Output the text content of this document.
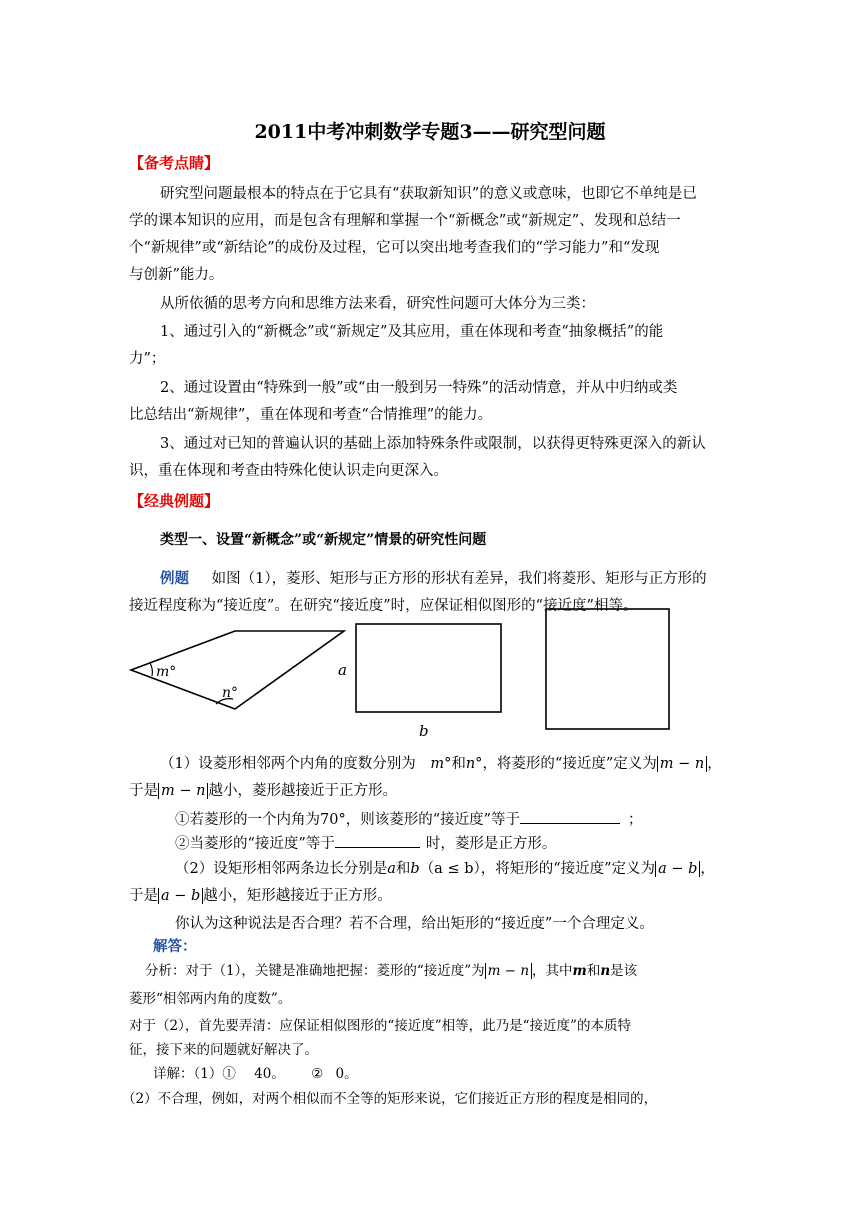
2011中考冲刺数学专题3——研究型问题
【备考点睛】
研究型问题最根本的特点在于它具有“获取新知识”的意义或意味，也即它不单纯是已
学的课本知识的应用，而是包含有理解和掌握一个“新概念”或“新规定”、发现和总结一
个“新规律”或“新结论”的成份及过程，它可以突出地考查我们的“学习能力”和“发现
与创新”能力。
从所依循的思考方向和思维方法来看，研究性问题可大体分为三类：
1、通过引入的“新概念”或“新规定”及其应用，重在体现和考查“抽象概括”的能
力”；
2、通过设置由“特殊到一般”或“由一般到另一特殊”的活动情意，并从中归纳或类
比总结出“新规律”，重在体现和考查“合情推理”的能力。
3、通过对已知的普遍认识的基础上添加特殊条件或限制，以获得更特殊更深入的新认
识，重在体现和考查由特殊化使认识走向更深入。
【经典例题】
类型一、设置“新概念”或“新规定”情景的研究性问题
例题 如图（1），菱形、矩形与正方形的形状有差异，我们将菱形、矩形与正方形的
接近程度称为“接近度”。在研究“接近度”时，应保证相似图形的“接近度”相等。
m°
n°
a
b
（1）设菱形相邻两个内角的度数分别为 m°和n°，将菱形的“接近度”定义为 m − n ，
于是 m − n 越小，菱形越接近于正方形。
①若菱形的一个内角为70°，则该菱形的“接近度”等于	；
②当菱形的“接近度”等于	时，菱形是正方形。
（2）设矩形相邻两条边长分别是a和b（a ≤ b），将矩形的“接近度”定义为 a − b ，
于是 a − b 越小，矩形越接近于正方形。
你认为这种说法是否合理？若不合理，给出矩形的“接近度”一个合理定义。
解答：
分析：对于（1），关键是准确地把握：菱形的“接近度”为 m − n ，其中m和n是该
菱形“相邻两内角的度数”。
对于（2），首先要弄清：应保证相似图形的“接近度”相等，此乃是“接近度”的本质特
征，接下来的问题就好解决了。
详解：（1）① 40。 ② 0。
（2）不合理，例如，对两个相似而不全等的矩形来说，它们接近正方形的程度是相同的，
